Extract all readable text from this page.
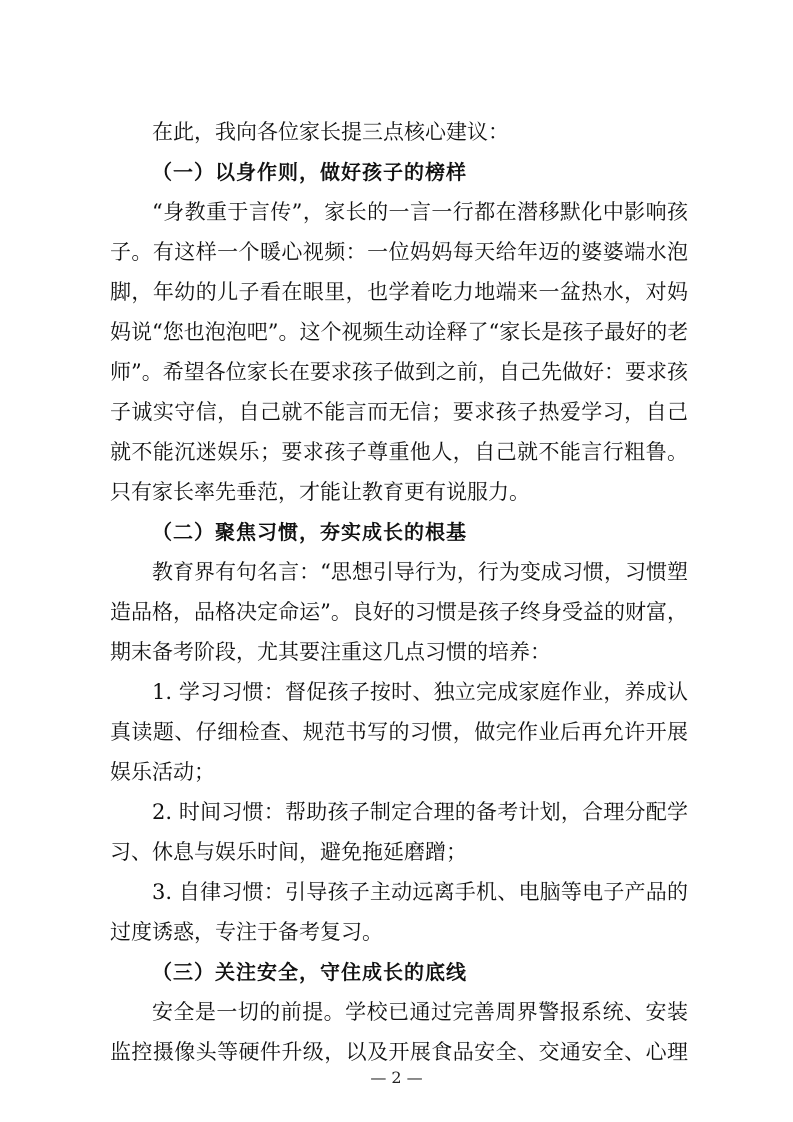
在此，我向各位家长提三点核心建议：
（一）以身作则，做好孩子的榜样
“身教重于言传”，家长的一言一行都在潜移默化中影响孩
子。有这样一个暖心视频：一位妈妈每天给年迈的婆婆端水泡
脚，年幼的儿子看在眼里，也学着吃力地端来一盆热水，对妈
妈说“您也泡泡吧”。这个视频生动诠释了“家长是孩子最好的老
师”。希望各位家长在要求孩子做到之前，自己先做好：要求孩
子诚实守信，自己就不能言而无信；要求孩子热爱学习，自己
就不能沉迷娱乐；要求孩子尊重他人，自己就不能言行粗鲁。
只有家长率先垂范，才能让教育更有说服力。
（二）聚焦习惯，夯实成长的根基
教育界有句名言：“思想引导行为，行为变成习惯，习惯塑
造品格，品格决定命运”。良好的习惯是孩子终身受益的财富，
期末备考阶段，尤其要注重这几点习惯的培养：
1. 学习习惯：督促孩子按时、独立完成家庭作业，养成认
真读题、仔细检查、规范书写的习惯，做完作业后再允许开展
娱乐活动；
2. 时间习惯：帮助孩子制定合理的备考计划，合理分配学
习、休息与娱乐时间，避免拖延磨蹭；
3. 自律习惯：引导孩子主动远离手机、电脑等电子产品的
过度诱惑，专注于备考复习。
（三）关注安全，守住成长的底线
安全是一切的前提。学校已通过完善周界警报系统、安装
监控摄像头等硬件升级，以及开展食品安全、交通安全、心理
— 2 —
